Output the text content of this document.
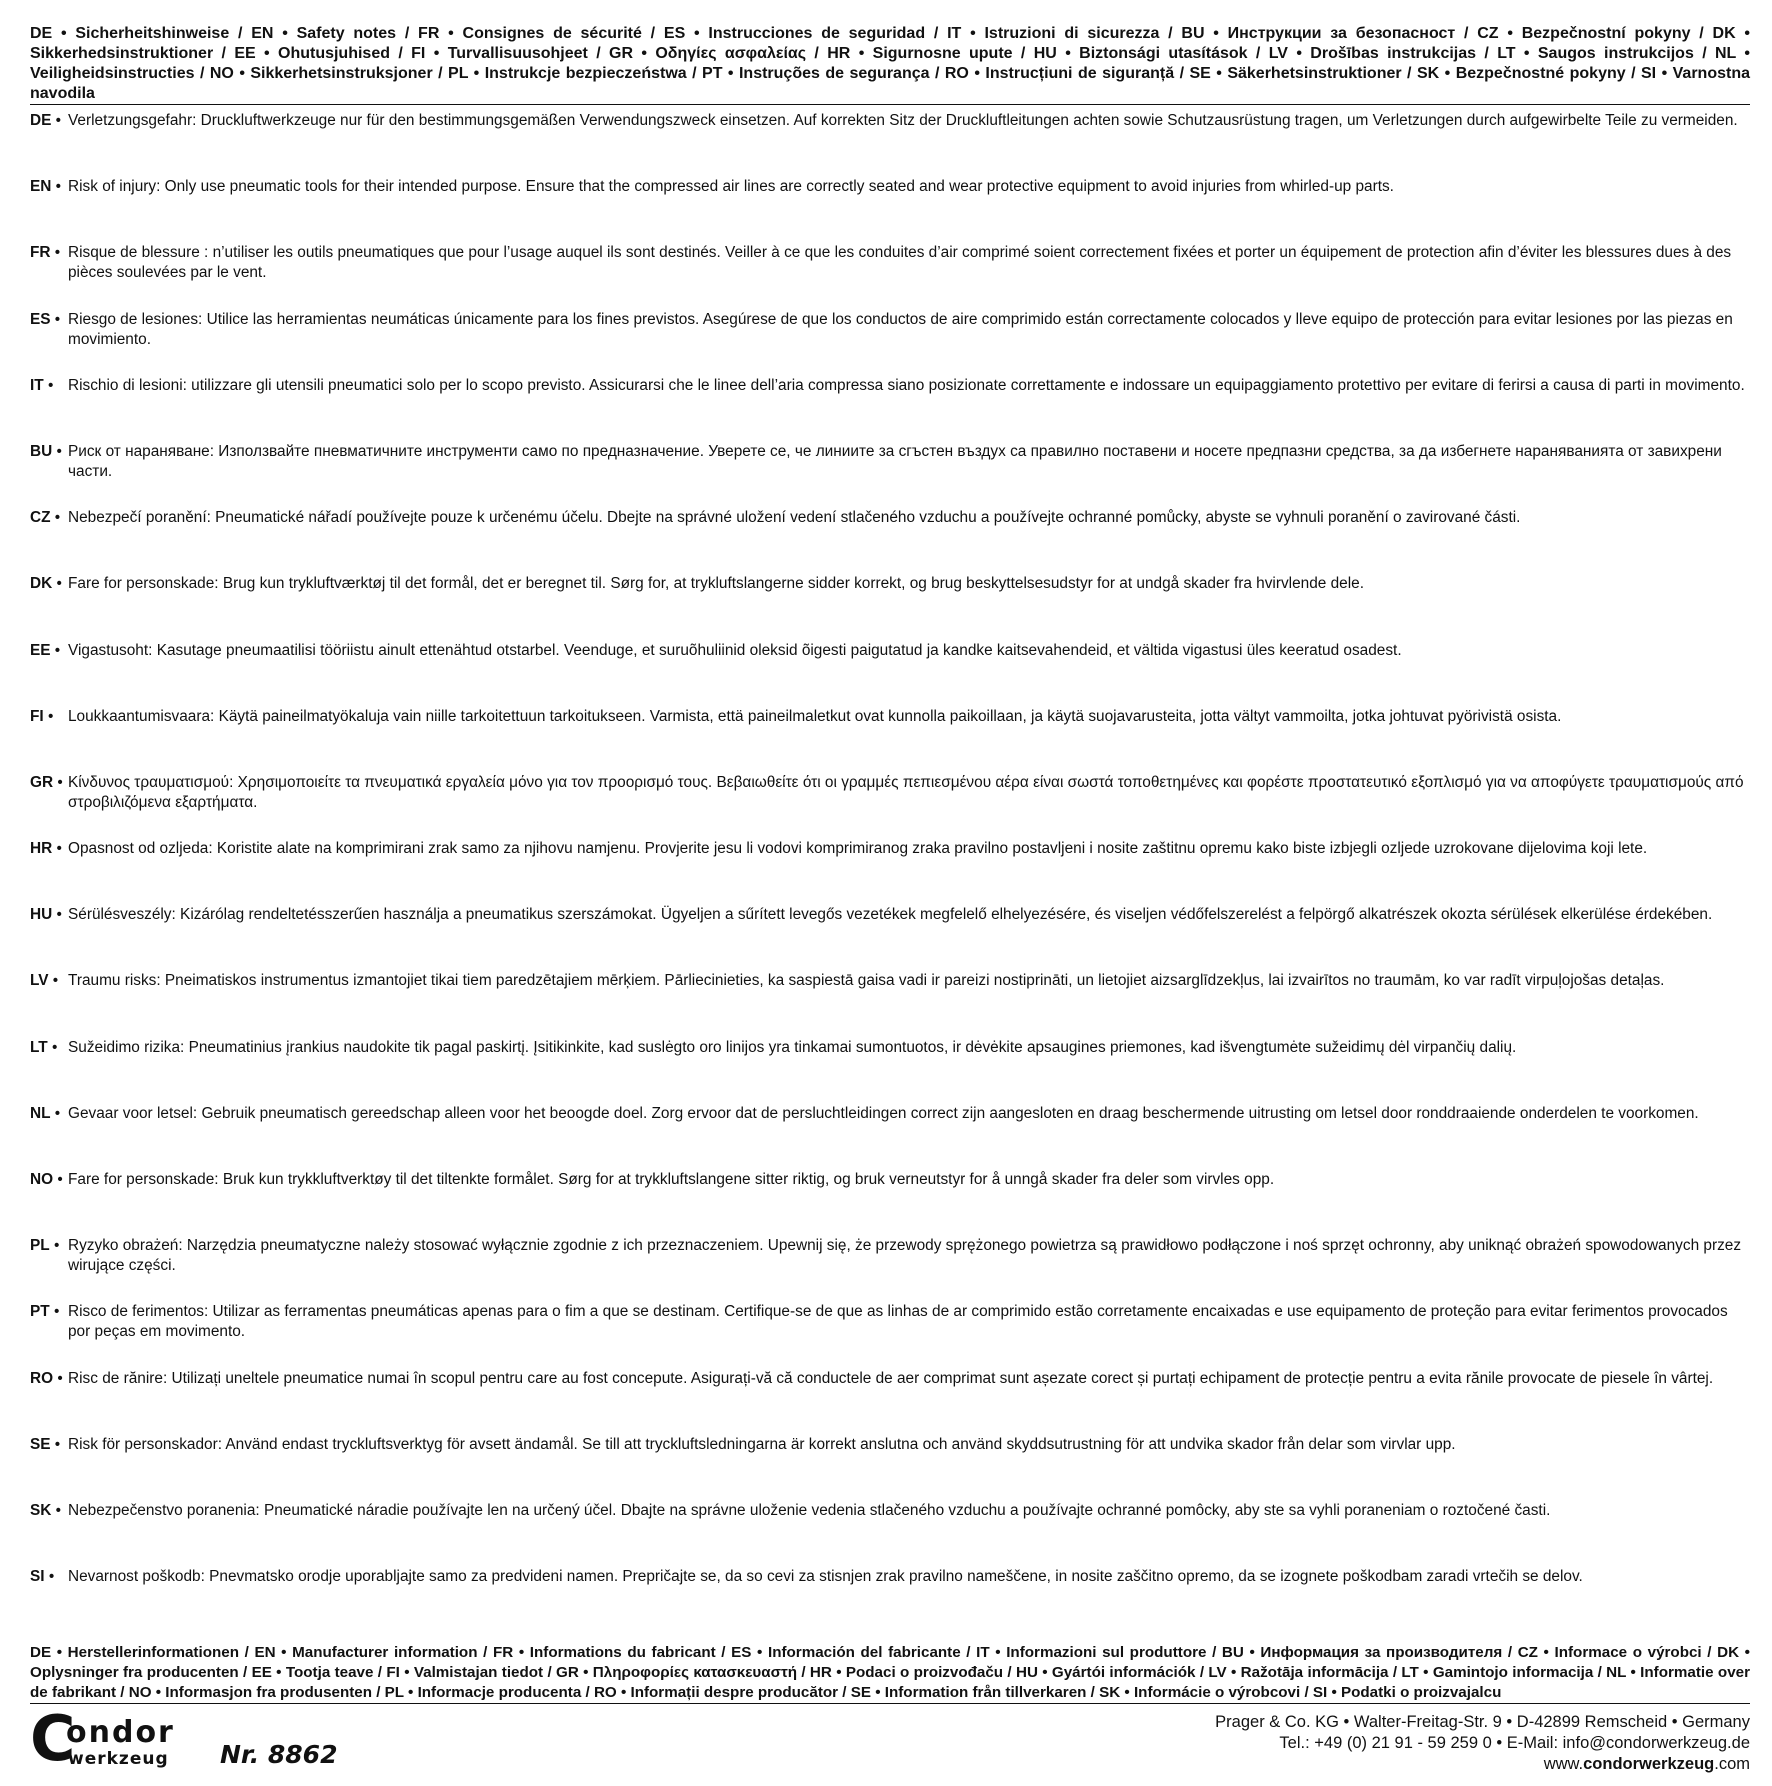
DE • Sicherheitshinweise / EN • Safety notes / FR • Consignes de sécurité / ES • Instrucciones de seguridad / IT • Istruzioni di sicurezza / BU • Инструкции за безопасност / CZ • Bezpečnostní pokyny / DK • Sikkerhedsinstruktioner / EE • Ohutusjuhised / FI • Turvallisuusohjeet / GR • Οδηγίες ασφαλείας / HR • Sigurnosne upute / HU • Biztonsági utasítások / LV • Drošības instrukcijas / LT • Saugos instrukcijos / NL • Veiligheidsinstructies / NO • Sikkerhetsinstruksjoner / PL • Instrukcje bezpieczeństwa / PT • Instruções de segurança / RO • Instrucțiuni de siguranță / SE • Säkerhetsinstruktioner / SK • Bezpečnostné pokyny / SI • Varnostna navodila

DE • Verletzungsgefahr: Druckluftwerkzeuge nur für den bestimmungsgemäßen Verwendungszweck einsetzen. Auf korrekten Sitz der Druckluftleitungen achten sowie Schutzausrüstung tragen, um Verletzungen durch aufgewirbelte Teile zu vermeiden.
EN • Risk of injury: Only use pneumatic tools for their intended purpose. Ensure that the compressed air lines are correctly seated and wear protective equipment to avoid injuries from whirled-up parts.
FR • Risque de blessure : n’utiliser les outils pneumatiques que pour l’usage auquel ils sont destinés. Veiller à ce que les conduites d’air comprimé soient correctement fixées et porter un équipement de protection afin d’éviter les blessures dues à des pièces soulevées par le vent.
ES • Riesgo de lesiones: Utilice las herramientas neumáticas únicamente para los fines previstos. Asegúrese de que los conductos de aire comprimido están correctamente colocados y lleve equipo de protección para evitar lesiones por las piezas en movimiento.
IT • Rischio di lesioni: utilizzare gli utensili pneumatici solo per lo scopo previsto. Assicurarsi che le linee dell’aria compressa siano posizionate correttamente e indossare un equipaggiamento protettivo per evitare di ferirsi a causa di parti in movimento.
BU • Риск от нараняване: Използвайте пневматичните инструменти само по предназначение. Уверете се, че линиите за сгъстен въздух са правилно поставени и носете предпазни средства, за да избегнете нараняванията от завихрени части.
CZ • Nebezpečí poranění: Pneumatické nářadí používejte pouze k určenému účelu. Dbejte na správné uložení vedení stlačeného vzduchu a používejte ochranné pomůcky, abyste se vyhnuli poranění o zavirované části.
DK • Fare for personskade: Brug kun trykluftværktøj til det formål, det er beregnet til. Sørg for, at trykluftslangerne sidder korrekt, og brug beskyttelsesudstyr for at undgå skader fra hvirvlende dele.
EE • Vigastusoht: Kasutage pneumaatilisi tööriistu ainult ettenähtud otstarbel. Veenduge, et suruõhuliinid oleksid õigesti paigutatud ja kandke kaitsevahendeid, et vältida vigastusi üles keeratud osadest.
FI • Loukkaantumisvaara: Käytä paineilmatyökaluja vain niille tarkoitettuun tarkoitukseen. Varmista, että paineilmaletkut ovat kunnolla paikoillaan, ja käytä suojavarusteita, jotta vältyt vammoilta, jotka johtuvat pyörivistä osista.
GR • Κίνδυνος τραυματισμού: Χρησιμοποιείτε τα πνευματικά εργαλεία μόνο για τον προορισμό τους. Βεβαιωθείτε ότι οι γραμμές πεπιεσμένου αέρα είναι σωστά τοποθετημένες και φορέστε προστατευτικό εξοπλισμό για να αποφύγετε τραυματισμούς από στροβιλιζόμενα εξαρτήματα.
HR • Opasnost od ozljeda: Koristite alate na komprimirani zrak samo za njihovu namjenu. Provjerite jesu li vodovi komprimiranog zraka pravilno postavljeni i nosite zaštitnu opremu kako biste izbjegli ozljede uzrokovane dijelovima koji lete.
HU • Sérülésveszély: Kizárólag rendeltetésszerűen használja a pneumatikus szerszámokat. Ügyeljen a sűrített levegős vezetékek megfelelő elhelyezésére, és viseljen védőfelszerelést a felpörgő alkatrészek okozta sérülések elkerülése érdekében.
LV • Traumu risks: Pneimatiskos instrumentus izmantojiet tikai tiem paredzētajiem mērķiem. Pārliecinieties, ka saspiestā gaisa vadi ir pareizi nostiprināti, un lietojiet aizsarglīdzekļus, lai izvairītos no traumām, ko var radīt virpuļojošas detaļas.
LT • Sužeidimo rizika: Pneumatinius įrankius naudokite tik pagal paskirtį. Įsitikinkite, kad suslėgto oro linijos yra tinkamai sumontuotos, ir dėvėkite apsaugines priemones, kad išvengtumėte sužeidimų dėl virpančių dalių.
NL • Gevaar voor letsel: Gebruik pneumatisch gereedschap alleen voor het beoogde doel. Zorg ervoor dat de persluchtleidingen correct zijn aangesloten en draag beschermende uitrusting om letsel door ronddraaiende onderdelen te voorkomen.
NO • Fare for personskade: Bruk kun trykkluftverktøy til det tiltenkte formålet. Sørg for at trykkluftslangene sitter riktig, og bruk verneutstyr for å unngå skader fra deler som virvles opp.
PL • Ryzyko obrażeń: Narzędzia pneumatyczne należy stosować wyłącznie zgodnie z ich przeznaczeniem. Upewnij się, że przewody sprężonego powietrza są prawidłowo podłączone i noś sprzęt ochronny, aby uniknąć obrażeń spowodowanych przez wirujące części.
PT • Risco de ferimentos: Utilizar as ferramentas pneumáticas apenas para o fim a que se destinam. Certifique-se de que as linhas de ar comprimido estão corretamente encaixadas e use equipamento de proteção para evitar ferimentos provocados por peças em movimento.
RO • Risc de rănire: Utilizați uneltele pneumatice numai în scopul pentru care au fost concepute. Asigurați-vă că conductele de aer comprimat sunt așezate corect și purtați echipament de protecție pentru a evita rănile provocate de piesele în vârtej.
SE • Risk för personskador: Använd endast tryckluftsverktyg för avsett ändamål. Se till att tryckluftsledningarna är korrekt anslutna och använd skyddsutrustning för att undvika skador från delar som virvlar upp.
SK • Nebezpečenstvo poranenia: Pneumatické náradie používajte len na určený účel. Dbajte na správne uloženie vedenia stlačeného vzduchu a používajte ochranné pomôcky, aby ste sa vyhli poraneniam o roztočené časti.
SI • Nevarnost poškodb: Pnevmatsko orodje uporabljajte samo za predvideni namen. Prepričajte se, da so cevi za stisnjen zrak pravilno nameščene, in nosite zaščitno opremo, da se izognete poškodbam zaradi vrtečih se delov.
DE • Herstellerinformationen / EN • Manufacturer information / FR • Informations du fabricant / ES • Información del fabricante / IT • Informazioni sul produttore / BU • Информация за производителя / CZ • Informace o výrobci / DK • Oplysninger fra producenten / EE • Tootja teave / FI • Valmistajan tiedot / GR • Πληροφορίες κατασκευαστή / HR • Podaci o proizvođaču / HU • Gyártói információk / LV • Ražotāja informācija / LT • Gamintojo informacija / NL • Informatie over de fabrikant / NO • Informasjon fra produsenten / PL • Informacje producenta / RO • Informații despre producător / SE • Information från tillverkaren / SK • Informácie o výrobcovi / SI • Podatki o proizvajalcu
C
ondor
werkzeug Nr. 8862
Prager & Co. KG • Walter-Freitag-Str. 9 • D-42899 Remscheid • Germany
Tel.: +49 (0) 21 91 - 59 259 0 • E-Mail: info@condorwerkzeug.de
www.condorwerkzeug.com
